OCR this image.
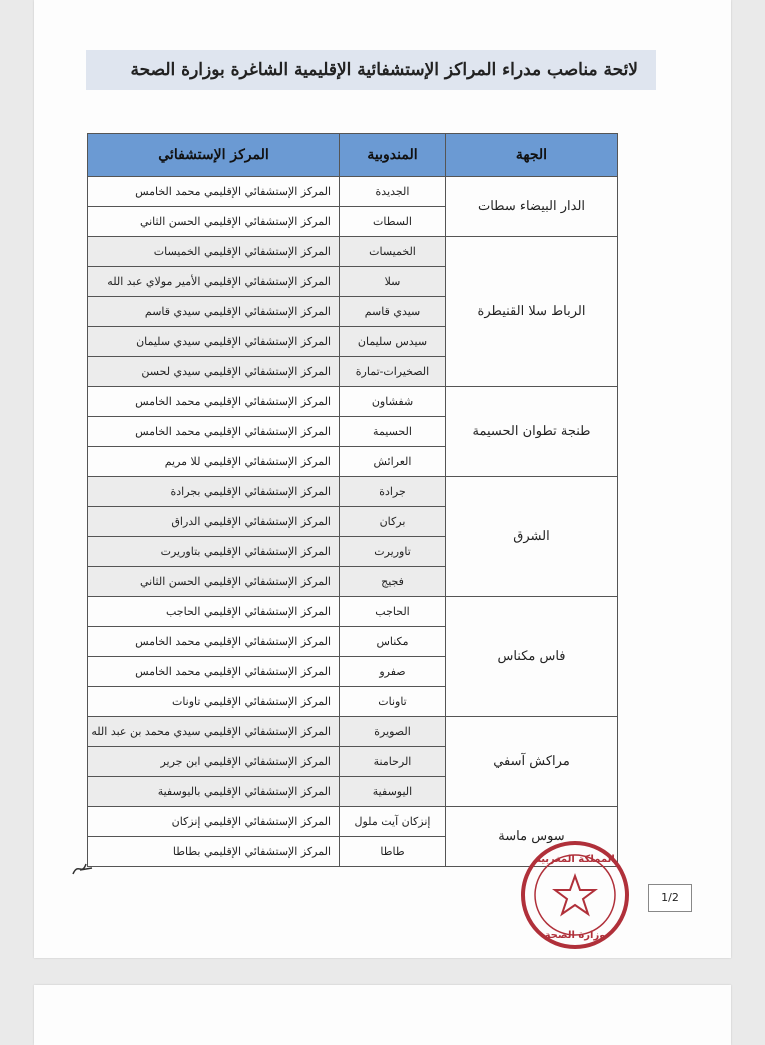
لائحة مناصب مدراء المراكز الإستشفائية الإقليمية الشاغرة بوزارة الصحة
الجهة	المندوبية	المركز الإستشفائي
الدار البيضاء سطات	الجديدة	المركز الإستشفائي الإقليمي محمد الخامس
	السطات	المركز الإستشفائي الإقليمي الحسن الثاني
الرباط سلا القنيطرة	الخميسات	المركز الإستشفائي الإقليمي الخميسات
	سلا	المركز الإستشفائي الإقليمي الأمير مولاي عبد الله
	سيدي قاسم	المركز الإستشفائي الإقليمي سيدي قاسم
	سيدس سليمان	المركز الإستشفائي الإقليمي سيدي سليمان
	الصخيرات-تمارة	المركز الإستشفائي الإقليمي سيدي لحسن
طنجة تطوان الحسيمة	شفشاون	المركز الإستشفائي الإقليمي محمد الخامس
	الحسيمة	المركز الإستشفائي الإقليمي محمد الخامس
	العرائش	المركز الإستشفائي الإقليمي للا مريم
الشرق	جرادة	المركز الإستشفائي الإقليمي بجرادة
	بركان	المركز الإستشفائي الإقليمي الدراق
	تاوريرت	المركز الإستشفائي الإقليمي بتاوريرت
	فجيج	المركز الإستشفائي الإقليمي الحسن الثاني
فاس مكناس	الحاجب	المركز الإستشفائي الإقليمي الحاجب
	مكناس	المركز الإستشفائي الإقليمي محمد الخامس
	صفرو	المركز الإستشفائي الإقليمي محمد الخامس
	تاونات	المركز الإستشفائي الإقليمي تاونات
مراكش آسفي	الصويرة	المركز الإستشفائي الإقليمي سيدي محمد بن عبد الله
	الرحامنة	المركز الإستشفائي الإقليمي ابن جرير
	اليوسفية	المركز الإستشفائي الإقليمي باليوسفية
سوس ماسة	إنزكان آيت ملول	المركز الإستشفائي الإقليمي إنزكان
	طاطا	المركز الإستشفائي الإقليمي بطاطا
المملكة المغربية
وزارة الصحة
1/2
